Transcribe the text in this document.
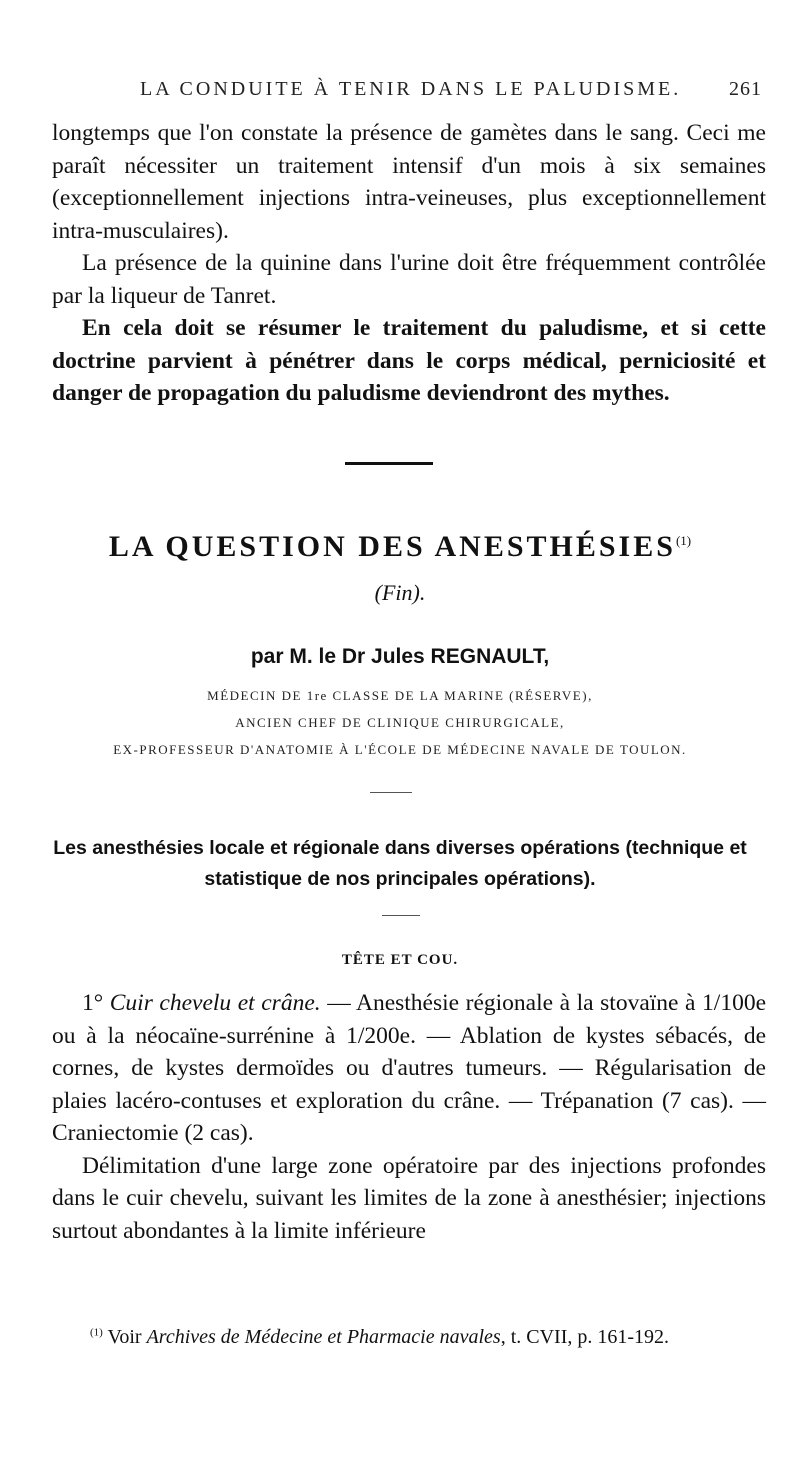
LA CONDUITE À TENIR DANS LE PALUDISME. 261

longtemps que l'on constate la présence de gamètes dans le sang. Ceci me paraît nécessiter un traitement intensif d'un mois à six semaines (exceptionnellement injections intra-veineuses, plus exceptionnellement intra-musculaires).

La présence de la quinine dans l'urine doit être fréquemment contrôlée par la liqueur de Tanret.

En cela doit se résumer le traitement du paludisme, et si cette doctrine parvient à pénétrer dans le corps médical, perniciosité et danger de propagation du paludisme deviendront des mythes.

LA QUESTION DES ANESTHÉSIES$^{(1)}$
(Fin).
par M. le Dr Jules REGNAULT,
MÉDECIN DE 1re CLASSE DE LA MARINE (RÉSERVE),
ANCIEN CHEF DE CLINIQUE CHIRURGICALE,
EX-PROFESSEUR D'ANATOMIE À L'ÉCOLE DE MÉDECINE NAVALE DE TOULON.
Les anesthésies locale et régionale dans diverses opérations (technique et statistique de nos principales opérations).
TÊTE ET COU.

1° Cuir chevelu et crâne. — Anesthésie régionale à la stovaïne à 1/100e ou à la néocaïne-surrénine à 1/200e. — Ablation de kystes sébacés, de cornes, de kystes dermoïdes ou d'autres tumeurs. — Régularisation de plaies lacéro-contuses et exploration du crâne. — Trépanation (7 cas). — Craniectomie (2 cas).

Délimitation d'une large zone opératoire par des injections profondes dans le cuir chevelu, suivant les limites de la zone à anesthésier; injections surtout abondantes à la limite inférieure

$^{(1)}$ Voir Archives de Médecine et Pharmacie navales, t. CVII, p. 161-192.
